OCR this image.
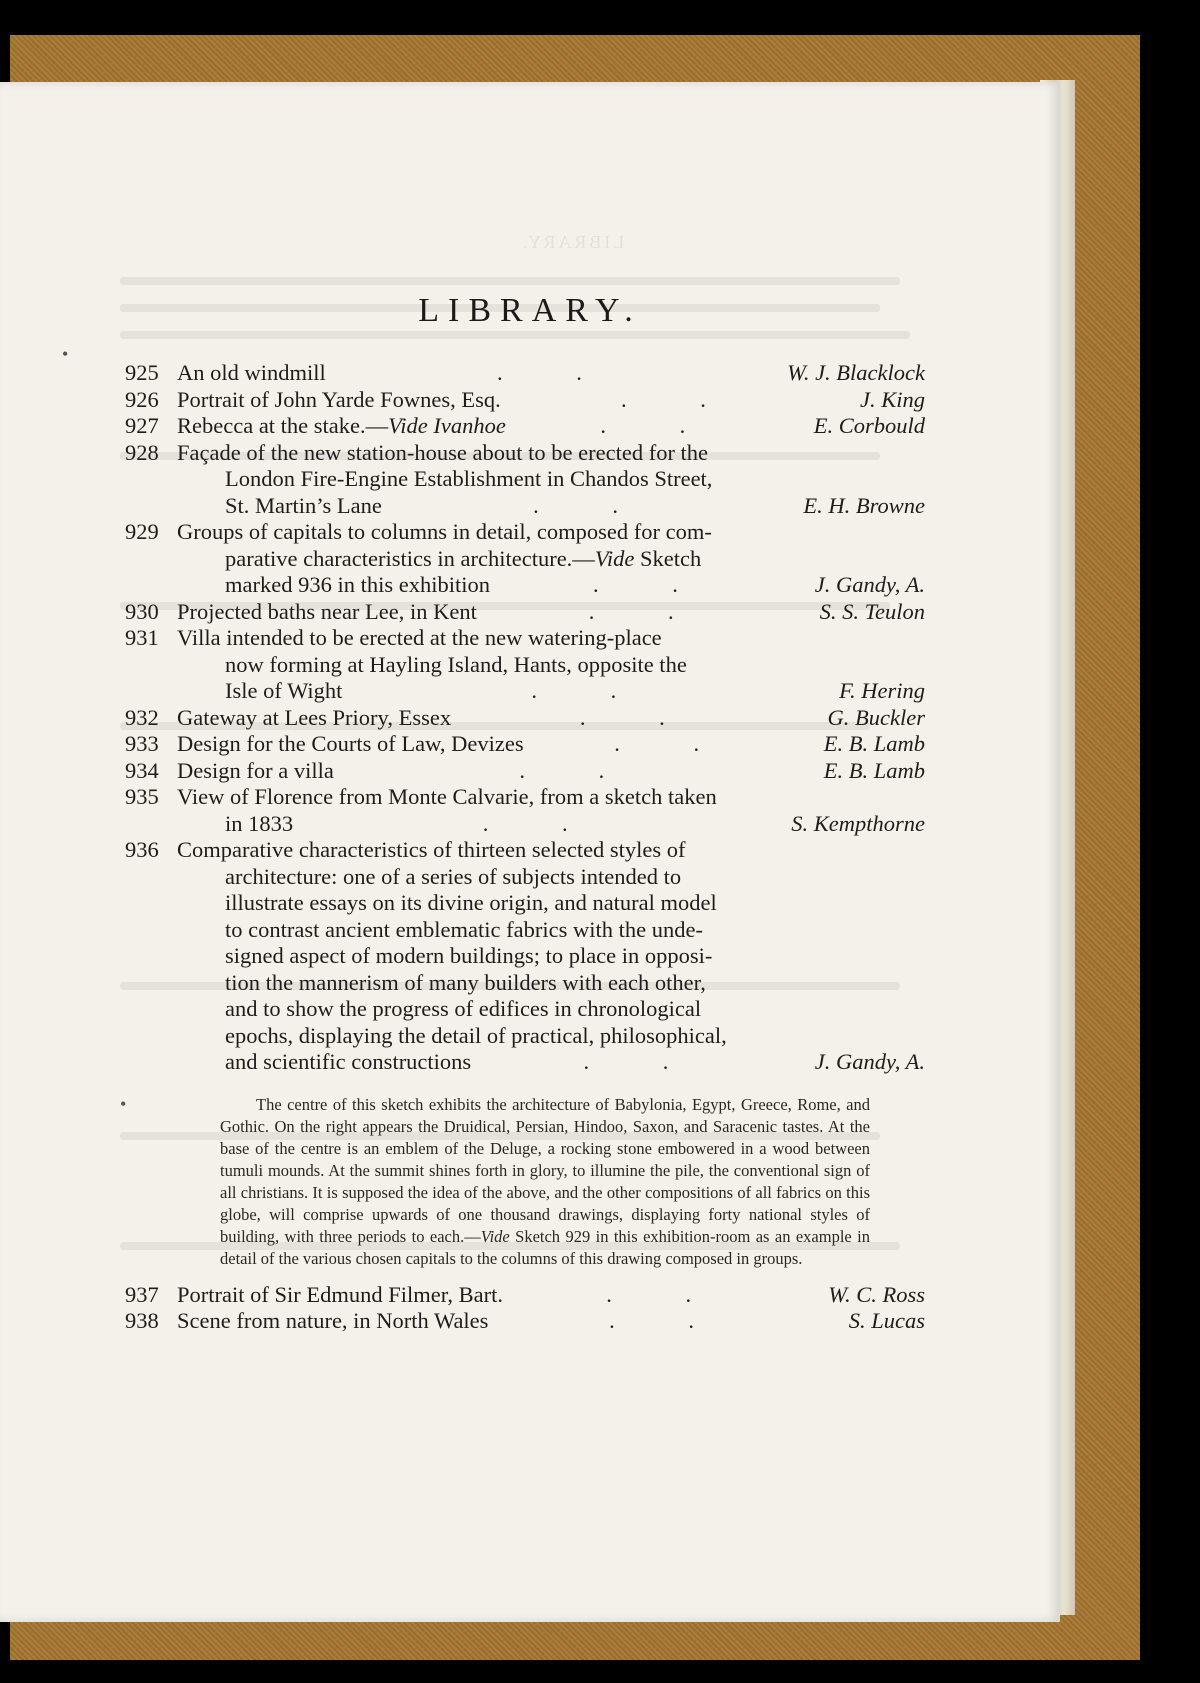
LIBRARY.
LIBRARY.
925 An old windmill	. .	W. J. Blacklock
926 Portrait of John Yarde Fownes, Esq.	. .	J. King
927 Rebecca at the stake.—Vide Ivanhoe	. .	E. Corbould
928 Façade of the new station-house about to be erected for the
London Fire-Engine Establishment in Chandos Street,
St. Martin’s Lane	. .	E. H. Browne
929 Groups of capitals to columns in detail, composed for com-
parative characteristics in architecture.—Vide Sketch
marked 936 in this exhibition	. .	J. Gandy, A.
930 Projected baths near Lee, in Kent	. .	S. S. Teulon
931 Villa intended to be erected at the new watering-place
now forming at Hayling Island, Hants, opposite the
Isle of Wight	. .	F. Hering
932 Gateway at Lees Priory, Essex	. .	G. Buckler
933 Design for the Courts of Law, Devizes	. .	E. B. Lamb
934 Design for a villa	. .	E. B. Lamb
935 View of Florence from Monte Calvarie, from a sketch taken
in 1833	. .	S. Kempthorne
936 Comparative characteristics of thirteen selected styles of
architecture: one of a series of subjects intended to
illustrate essays on its divine origin, and natural model
to contrast ancient emblematic fabrics with the unde-
signed aspect of modern buildings; to place in opposi-
tion the mannerism of many builders with each other,
and to show the progress of edifices in chronological
epochs, displaying the detail of practical, philosophical,
and scientific constructions	. .	J. Gandy, A.
The centre of this sketch exhibits the architecture of Babylonia, Egypt, Greece, Rome, and Gothic. On the right appears the Druidical, Persian, Hindoo, Saxon, and Saracenic tastes. At the base of the centre is an emblem of the Deluge, a rocking stone embowered in a wood between tumuli mounds. At the summit shines forth in glory, to illumine the pile, the conventional sign of all christians. It is supposed the idea of the above, and the other compositions of all fabrics on this globe, will comprise upwards of one thousand drawings, displaying forty national styles of building, with three periods to each.—Vide Sketch 929 in this exhibition-room as an example in detail of the various chosen capitals to the columns of this drawing composed in groups.
937 Portrait of Sir Edmund Filmer, Bart.	. .	W. C. Ross
938 Scene from nature, in North Wales	. .	S. Lucas
•
•
